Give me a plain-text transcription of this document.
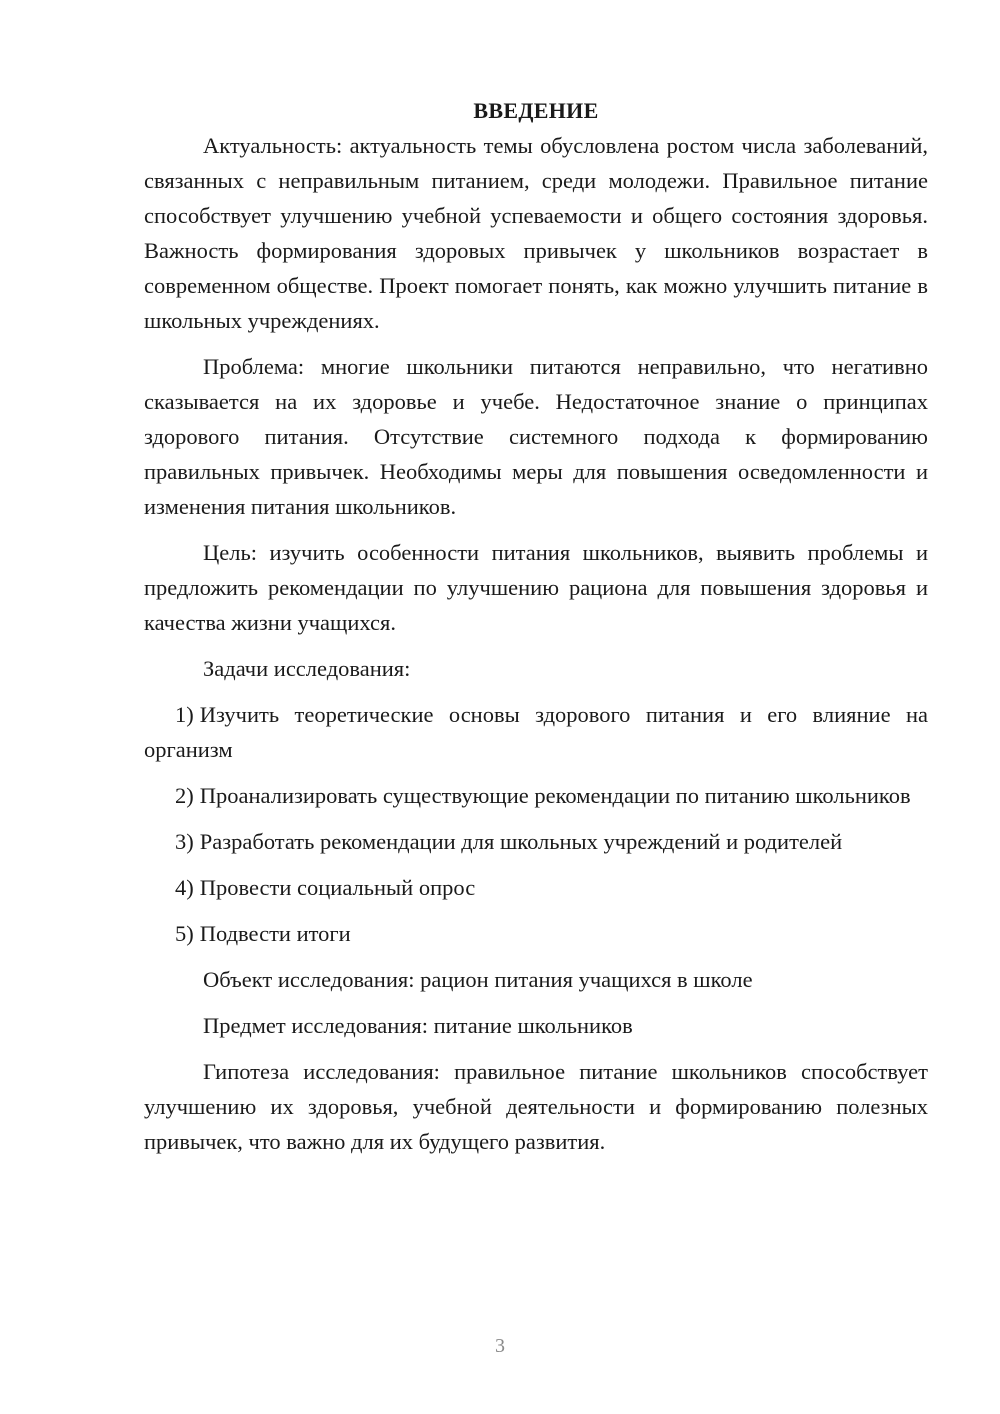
ВВЕДЕНИЕ

Актуальность: актуальность темы обусловлена ростом числа заболеваний, связанных с неправильным питанием, среди молодежи. Правильное питание способствует улучшению учебной успеваемости и общего состояния здоровья. Важность формирования здоровых привычек у школьников возрастает в современном обществе. Проект помогает понять, как можно улучшить питание в школьных учреждениях.

Проблема: многие школьники питаются неправильно, что негативно сказывается на их здоровье и учебе. Недостаточное знание о принципах здорового питания. Отсутствие системного подхода к формированию правильных привычек. Необходимы меры для повышения осведомленности и изменения питания школьников.

Цель: изучить особенности питания школьников, выявить проблемы и предложить рекомендации по улучшению рациона для повышения здоровья и качества жизни учащихся.

Задачи исследования:

1) Изучить теоретические основы здорового питания и его влияние на организм

2) Проанализировать существующие рекомендации по питанию школьников

3) Разработать рекомендации для школьных учреждений и родителей

4) Провести социальный опрос

5) Подвести итоги

Объект исследования: рацион питания учащихся в школе

Предмет исследования: питание школьников

Гипотеза исследования: правильное питание школьников способствует улучшению их здоровья, учебной деятельности и формированию полезных привычек, что важно для их будущего развития.

3
